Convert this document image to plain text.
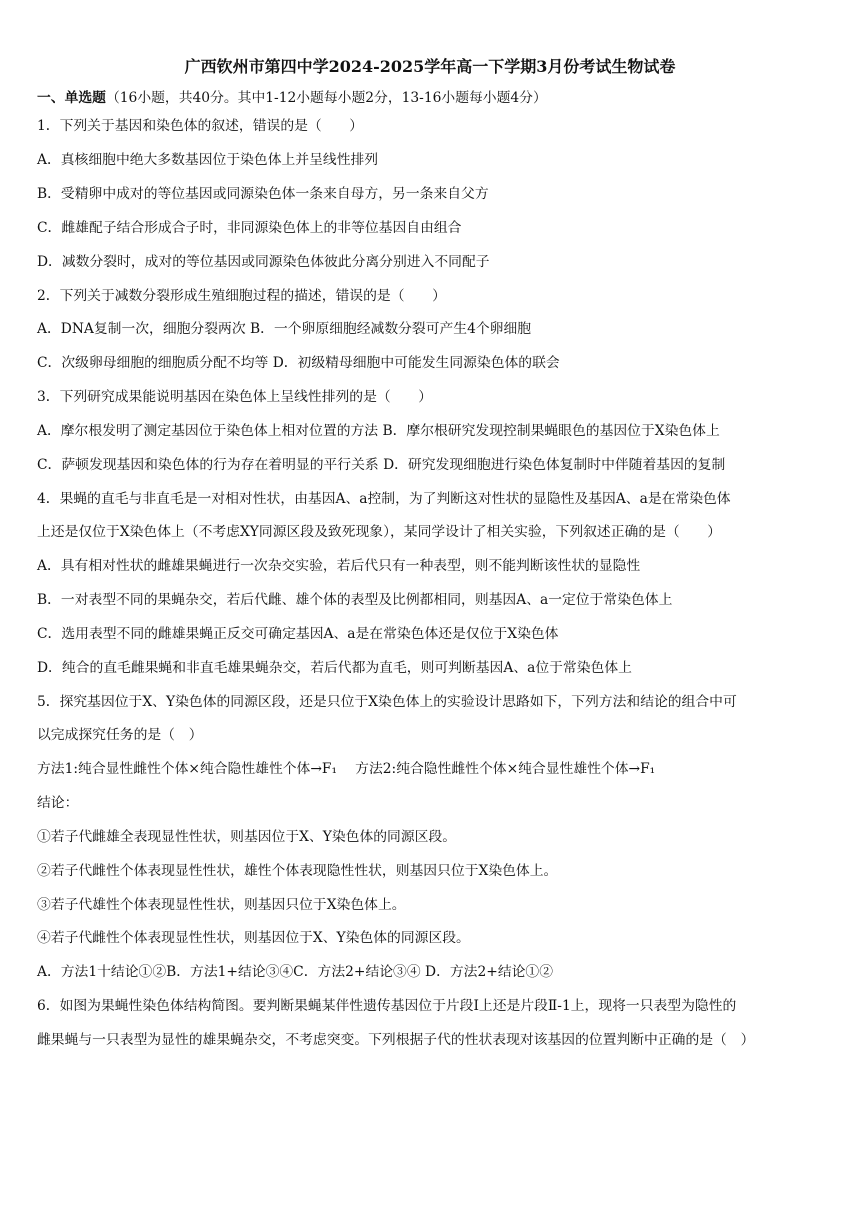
广西钦州市第四中学2024-2025学年高一下学期3月份考试生物试卷
一、单选题（16小题，共40分。其中1-12小题每小题2分，13-16小题每小题4分）
1．下列关于基因和染色体的叙述，错误的是（　　）
A．真核细胞中绝大多数基因位于染色体上并呈线性排列
B．受精卵中成对的等位基因或同源染色体一条来自母方，另一条来自父方
C．雌雄配子结合形成合子时，非同源染色体上的非等位基因自由组合
D．减数分裂时，成对的等位基因或同源染色体彼此分离分别进入不同配子
2．下列关于减数分裂形成生殖细胞过程的描述，错误的是（　　）
A．DNA复制一次，细胞分裂两次 B．一个卵原细胞经减数分裂可产生4个卵细胞
C．次级卵母细胞的细胞质分配不均等 D．初级精母细胞中可能发生同源染色体的联会
3．下列研究成果能说明基因在染色体上呈线性排列的是（　　）
A．摩尔根发明了测定基因位于染色体上相对位置的方法 B．摩尔根研究发现控制果蝇眼色的基因位于X染色体上
C．萨顿发现基因和染色体的行为存在着明显的平行关系 D．研究发现细胞进行染色体复制时中伴随着基因的复制
4．果蝇的直毛与非直毛是一对相对性状，由基因A、a控制，为了判断这对性状的显隐性及基因A、a是在常染色体
上还是仅位于X染色体上（不考虑XY同源区段及致死现象），某同学设计了相关实验，下列叙述正确的是（　　）
A．具有相对性状的雌雄果蝇进行一次杂交实验，若后代只有一种表型，则不能判断该性状的显隐性
B．一对表型不同的果蝇杂交，若后代雌、雄个体的表型及比例都相同，则基因A、a一定位于常染色体上
C．选用表型不同的雌雄果蝇正反交可确定基因A、a是在常染色体还是仅位于X染色体
D．纯合的直毛雌果蝇和非直毛雄果蝇杂交，若后代都为直毛，则可判断基因A、a位于常染色体上
5．探究基因位于X、Y染色体的同源区段，还是只位于X染色体上的实验设计思路如下，下列方法和结论的组合中可
以完成探究任务的是（　）
方法1:纯合显性雌性个体×纯合隐性雄性个体→F₁　 方法2:纯合隐性雌性个体×纯合显性雄性个体→F₁
结论：
①若子代雌雄全表现显性性状，则基因位于X、Y染色体的同源区段。
②若子代雌性个体表现显性性状，雄性个体表现隐性性状，则基因只位于X染色体上。
③若子代雄性个体表现显性性状，则基因只位于X染色体上。
④若子代雌性个体表现显性性状，则基因位于X、Y染色体的同源区段。
A．方法1十结论①②B．方法1+结论③④C．方法2+结论③④ D．方法2+结论①②
6．如图为果蝇性染色体结构简图。要判断果蝇某伴性遗传基因位于片段Ⅰ上还是片段Ⅱ-1上，现将一只表型为隐性的
雌果蝇与一只表型为显性的雄果蝇杂交，不考虑突变。下列根据子代的性状表现对该基因的位置判断中正确的是（　）
